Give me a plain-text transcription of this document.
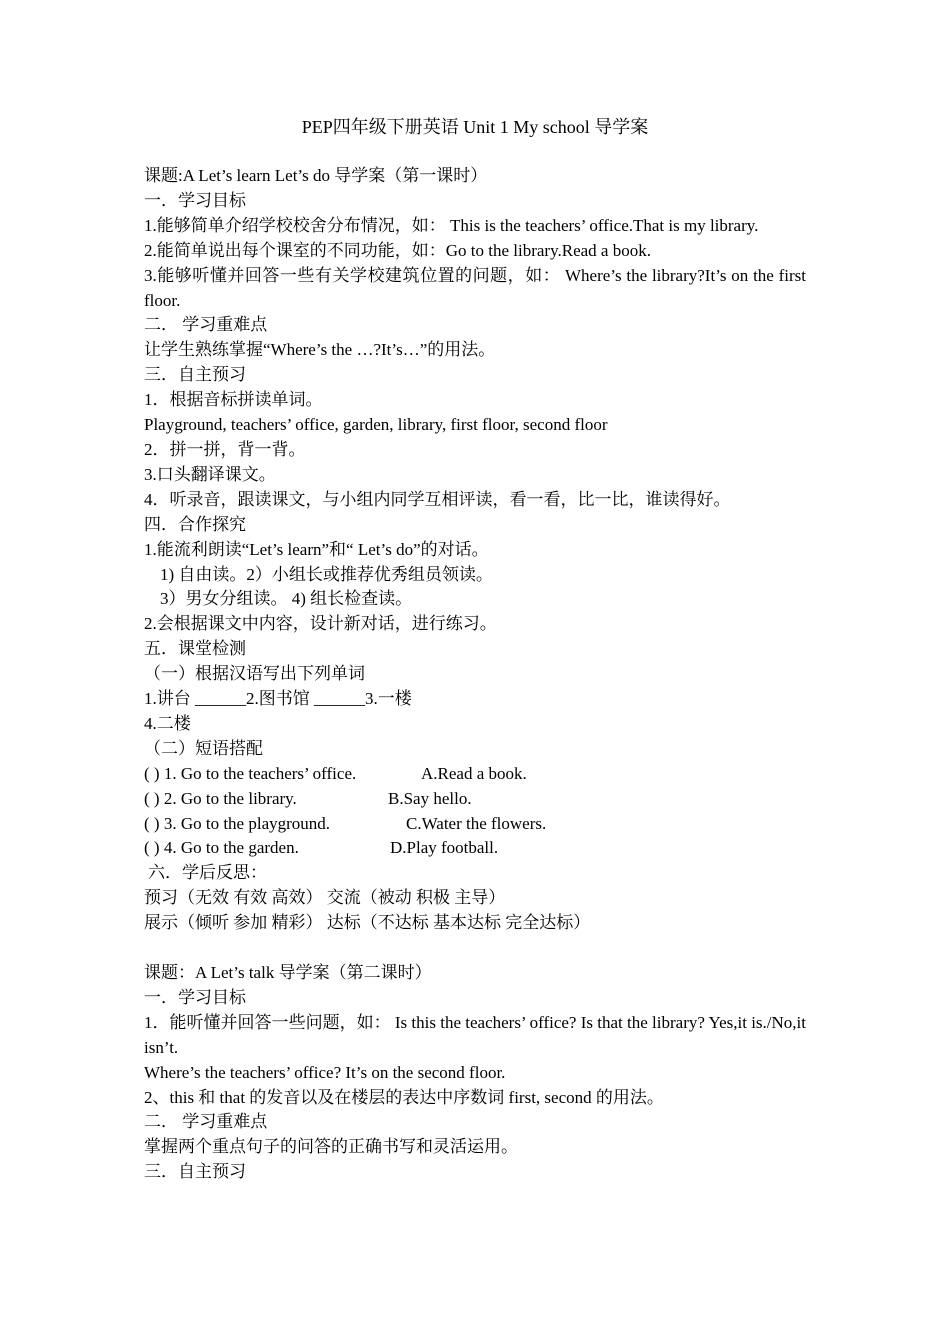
PEP四年级下册英语 Unit 1 My school 导学案

课题:A Let’s learn Let’s do 导学案（第一课时）

一．学习目标

1.能够简单介绍学校校舍分布情况，如： This is the teachers’ office.That is my library.

2.能简单说出每个课室的不同功能，如：Go to the library.Read a book.

3.能够听懂并回答一些有关学校建筑位置的问题，如： Where’s the library?It’s on the first floor.

二． 学习重难点

让学生熟练掌握“Where’s the …?It’s…”的用法。

三．自主预习

1．根据音标拼读单词。

Playground, teachers’ office, garden, library, first floor, second floor

2．拼一拼，背一背。

3.口头翻译课文。

4．听录音，跟读课文，与小组内同学互相评读，看一看，比一比，谁读得好。

四．合作探究

1.能流利朗读“Let’s learn”和“ Let’s do”的对话。

1) 自由读。2）小组长或推荐优秀组员领读。

3）男女分组读。 4) 组长检查读。

2.会根据课文中内容，设计新对话，进行练习。

五．课堂检测

（一）根据汉语写出下列单词

1.讲台 ______2.图书馆 ______3.一楼

4.二楼

（二）短语搭配

( ) 1. Go to the teachers’ office.	A.Read a book.
( ) 2. Go to the library.	B.Say hello.
( ) 3. Go to the playground.	C.Water the flowers.
( ) 4. Go to the garden.	D.Play football.

六．学后反思：

预习（无效 有效 高效） 交流（被动 积极 主导）

展示（倾听 参加 精彩） 达标（不达标 基本达标 完全达标）

课题：A Let’s talk 导学案（第二课时）

一．学习目标

1．能听懂并回答一些问题，如： Is this the teachers’ office? Is that the library? Yes,it is./No,it isn’t.

Where’s the teachers’ office? It’s on the second floor.

2、this 和 that 的发音以及在楼层的表达中序数词 first, second 的用法。

二． 学习重难点

掌握两个重点句子的问答的正确书写和灵活运用。

三．自主预习
